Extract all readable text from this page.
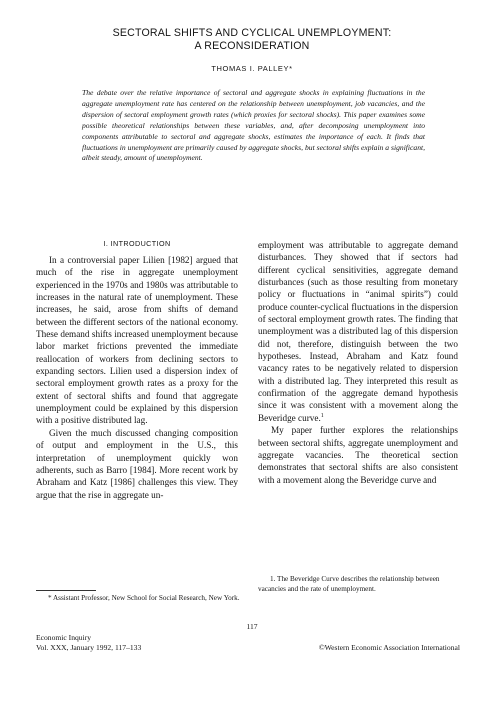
SECTORAL SHIFTS AND CYCLICAL UNEMPLOYMENT:
A RECONSIDERATION
THOMAS I. PALLEY*
The debate over the relative importance of sectoral and aggregate shocks in explaining fluctuations in the aggregate unemployment rate has centered on the relationship between unemployment, job vacancies, and the dispersion of sectoral employment growth rates (which proxies for sectoral shocks). This paper examines some possible theoretical relationships between these variables, and, after decomposing unemployment into components attributable to sectoral and aggregate shocks, estimates the importance of each. It finds that fluctuations in unemployment are primarily caused by aggregate shocks, but sectoral shifts explain a significant, albeit steady, amount of unemployment.
I. INTRODUCTION

In a controversial paper Lilien [1982] argued that much of the rise in aggregate unemployment experienced in the 1970s and 1980s was attributable to increases in the natural rate of unemployment. These increases, he said, arose from shifts of demand between the different sectors of the national economy. These demand shifts increased unemployment because labor market frictions prevented the immediate reallocation of workers from declining sectors to expanding sectors. Lilien used a dispersion index of sectoral employment growth rates as a proxy for the extent of sectoral shifts and found that aggregate unemployment could be explained by this dispersion with a positive distributed lag.

Given the much discussed changing composition of output and employment in the U.S., this interpretation of unemployment quickly won adherents, such as Barro [1984]. More recent work by Abraham and Katz [1986] challenges this view. They argue that the rise in aggregate un-

employment was attributable to aggregate demand disturbances. They showed that if sectors had different cyclical sensitivities, aggregate demand disturbances (such as those resulting from monetary policy or fluctuations in “animal spirits”) could produce counter-cyclical fluctuations in the dispersion of sectoral employment growth rates. The finding that unemployment was a distributed lag of this dispersion did not, therefore, distinguish between the two hypotheses. Instead, Abraham and Katz found vacancy rates to be negatively related to dispersion with a distributed lag. They interpreted this result as confirmation of the aggregate demand hypothesis since it was consistent with a movement along the Beveridge curve.$^1$

My paper further explores the relationships between sectoral shifts, aggregate unemployment and aggregate vacancies. The theoretical section demonstrates that sectoral shifts are also consistent with a movement along the Beveridge curve and

* Assistant Professor, New School for Social Research, New York.
1. The Beveridge Curve describes the relationship between vacancies and the rate of unemployment.
117
Economic Inquiry
Vol. XXX, January 1992, 117–133	©Western Economic Association International
